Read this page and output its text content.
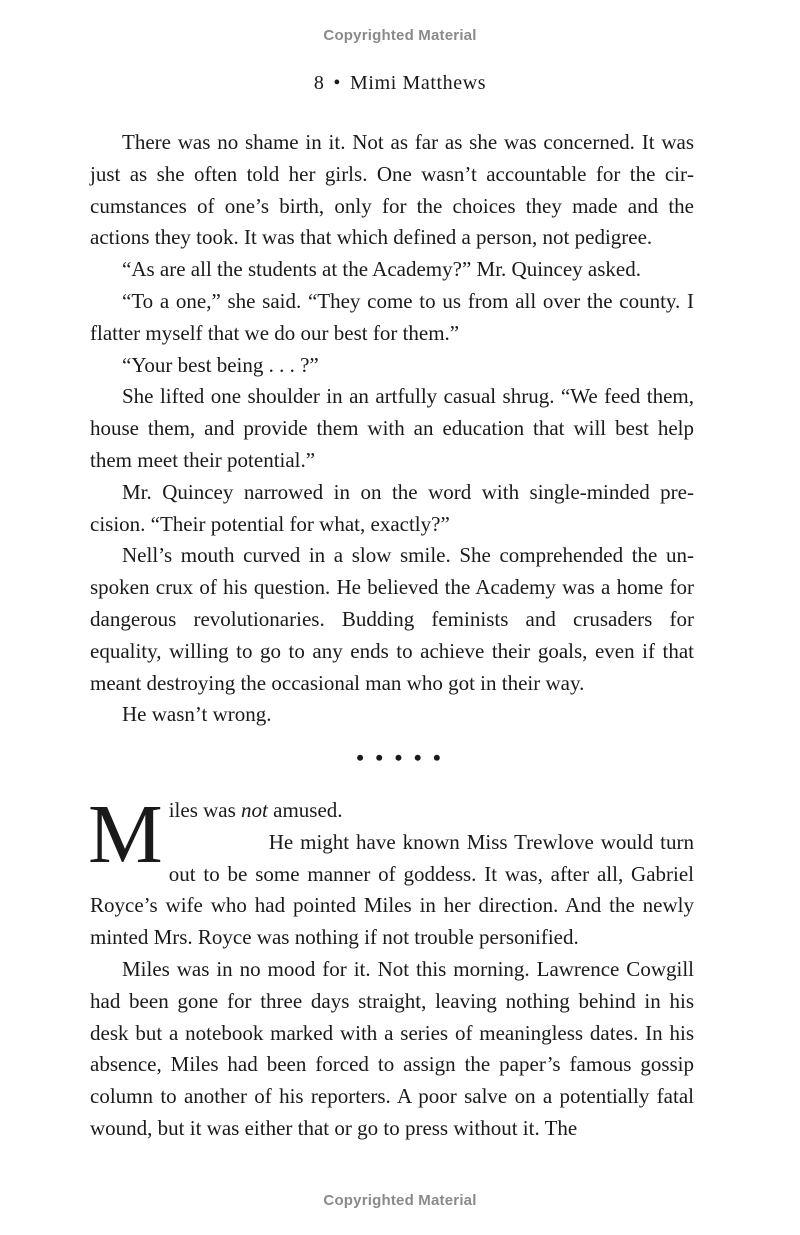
Copyrighted Material
8 • Mimi Matthews

There was no shame in it. Not as far as she was concerned. It was just as she often told her girls. One wasn’t accountable for the circumstances of one’s birth, only for the choices they made and the actions they took. It was that which defined a person, not pedigree.

“As are all the students at the Academy?” Mr. Quincey asked.

“To a one,” she said. “They come to us from all over the county. I flatter myself that we do our best for them.”

“Your best being . . . ?”

She lifted one shoulder in an artfully casual shrug. “We feed them, house them, and provide them with an education that will best help them meet their potential.”

Mr. Quincey narrowed in on the word with single-minded precision. “Their potential for what, exactly?”

Nell’s mouth curved in a slow smile. She comprehended the unspoken crux of his question. He believed the Academy was a home for dangerous revolutionaries. Budding feminists and crusaders for equality, willing to go to any ends to achieve their goals, even if that meant destroying the occasional man who got in their way.

He wasn’t wrong.

• • • • •

Miles was not amused.

He might have known Miss Trewlove would turn out to be some manner of goddess. It was, after all, Gabriel Royce’s wife who had pointed Miles in her direction. And the newly minted Mrs. Royce was nothing if not trouble personified.

Miles was in no mood for it. Not this morning. Lawrence Cowgill had been gone for three days straight, leaving nothing behind in his desk but a notebook marked with a series of meaningless dates. In his absence, Miles had been forced to assign the paper’s famous gossip column to another of his reporters. A poor salve on a potentially fatal wound, but it was either that or go to press without it. The

Copyrighted Material
